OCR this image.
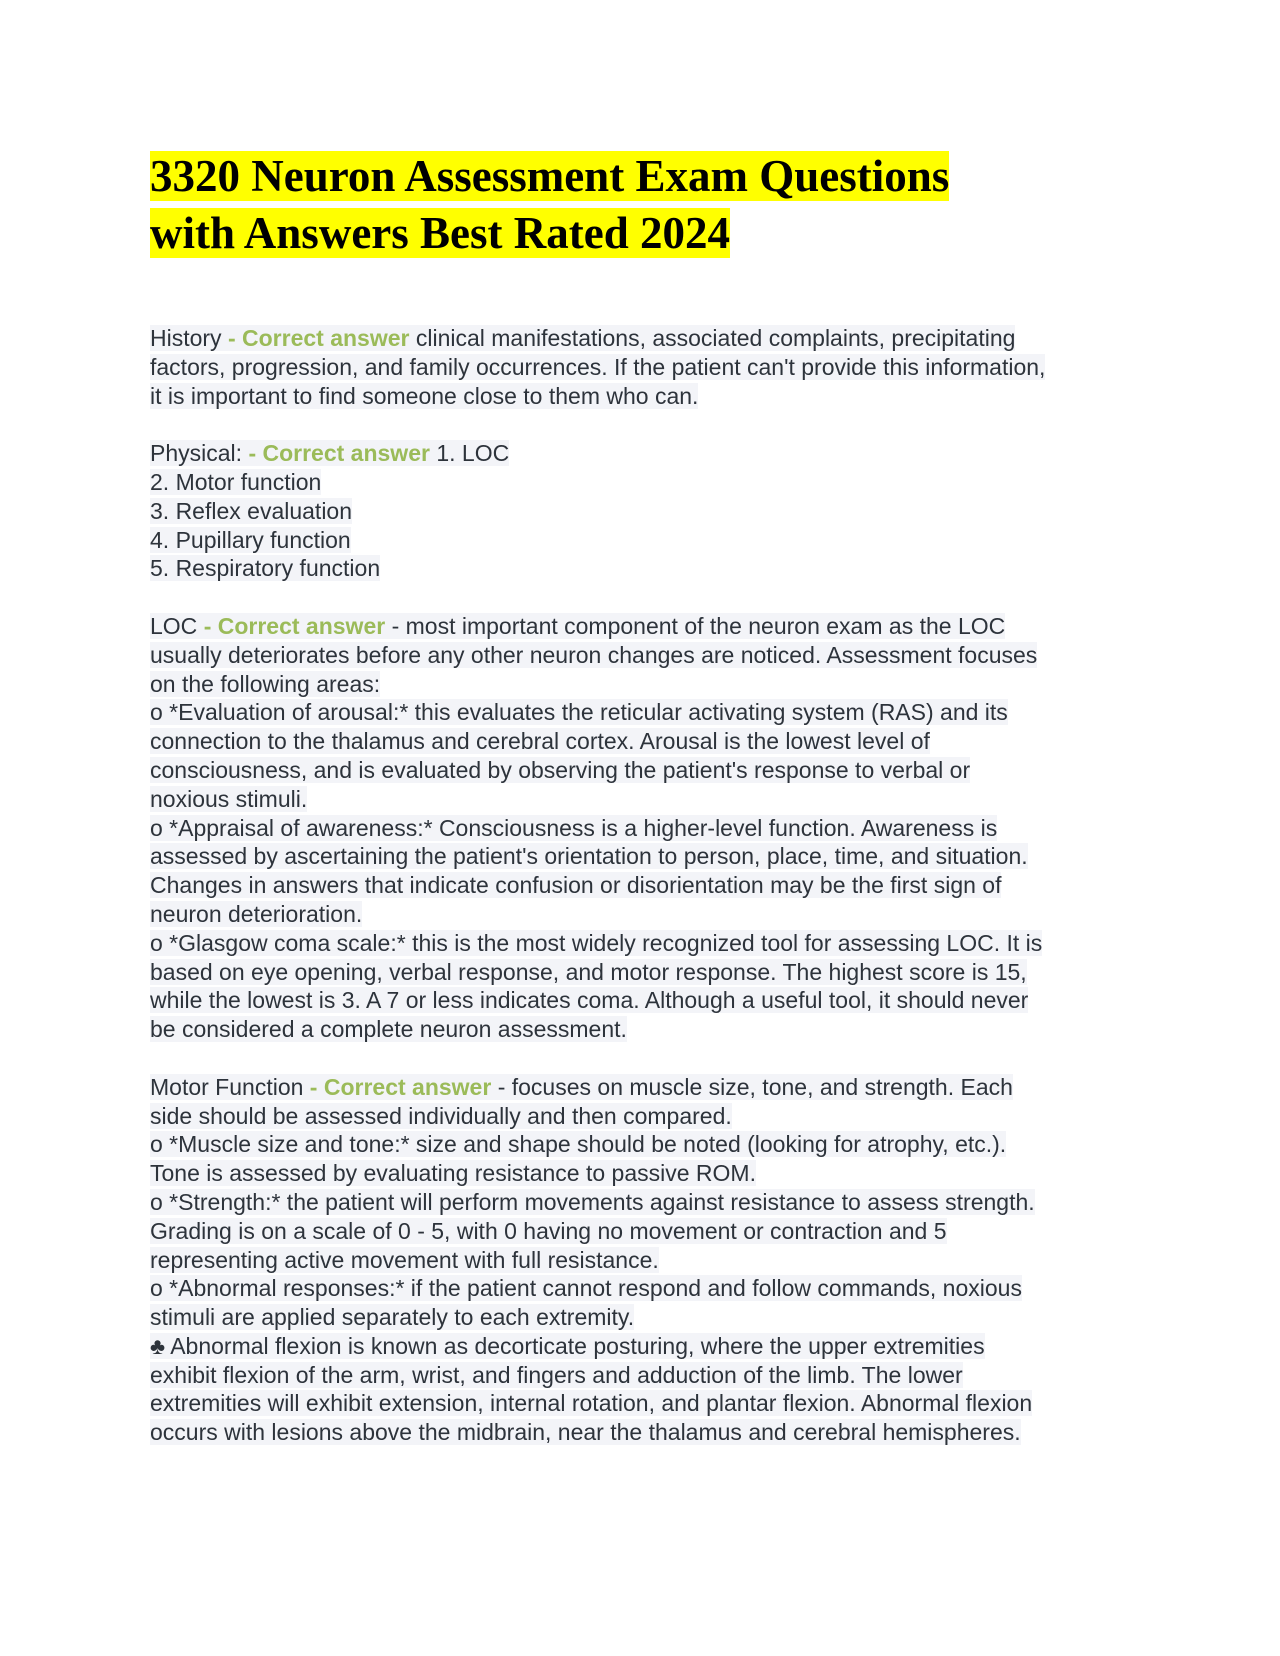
3320 Neuron Assessment Exam Questions
with Answers Best Rated 2024
History - Correct answer clinical manifestations, associated complaints, precipitating
factors, progression, and family occurrences. If the patient can't provide this information,
it is important to find someone close to them who can.
Physical: - Correct answer 1. LOC
2. Motor function
3. Reflex evaluation
4. Pupillary function
5. Respiratory function
LOC - Correct answer - most important component of the neuron exam as the LOC
usually deteriorates before any other neuron changes are noticed. Assessment focuses
on the following areas:
o *Evaluation of arousal:* this evaluates the reticular activating system (RAS) and its
connection to the thalamus and cerebral cortex. Arousal is the lowest level of
consciousness, and is evaluated by observing the patient's response to verbal or
noxious stimuli.
o *Appraisal of awareness:* Consciousness is a higher-level function. Awareness is
assessed by ascertaining the patient's orientation to person, place, time, and situation.
Changes in answers that indicate confusion or disorientation may be the first sign of
neuron deterioration.
o *Glasgow coma scale:* this is the most widely recognized tool for assessing LOC. It is
based on eye opening, verbal response, and motor response. The highest score is 15,
while the lowest is 3. A 7 or less indicates coma. Although a useful tool, it should never
be considered a complete neuron assessment.
Motor Function - Correct answer - focuses on muscle size, tone, and strength. Each
side should be assessed individually and then compared.
o *Muscle size and tone:* size and shape should be noted (looking for atrophy, etc.).
Tone is assessed by evaluating resistance to passive ROM.
o *Strength:* the patient will perform movements against resistance to assess strength.
Grading is on a scale of 0 - 5, with 0 having no movement or contraction and 5
representing active movement with full resistance.
o *Abnormal responses:* if the patient cannot respond and follow commands, noxious
stimuli are applied separately to each extremity.
♣ Abnormal flexion is known as decorticate posturing, where the upper extremities
exhibit flexion of the arm, wrist, and fingers and adduction of the limb. The lower
extremities will exhibit extension, internal rotation, and plantar flexion. Abnormal flexion
occurs with lesions above the midbrain, near the thalamus and cerebral hemispheres.
